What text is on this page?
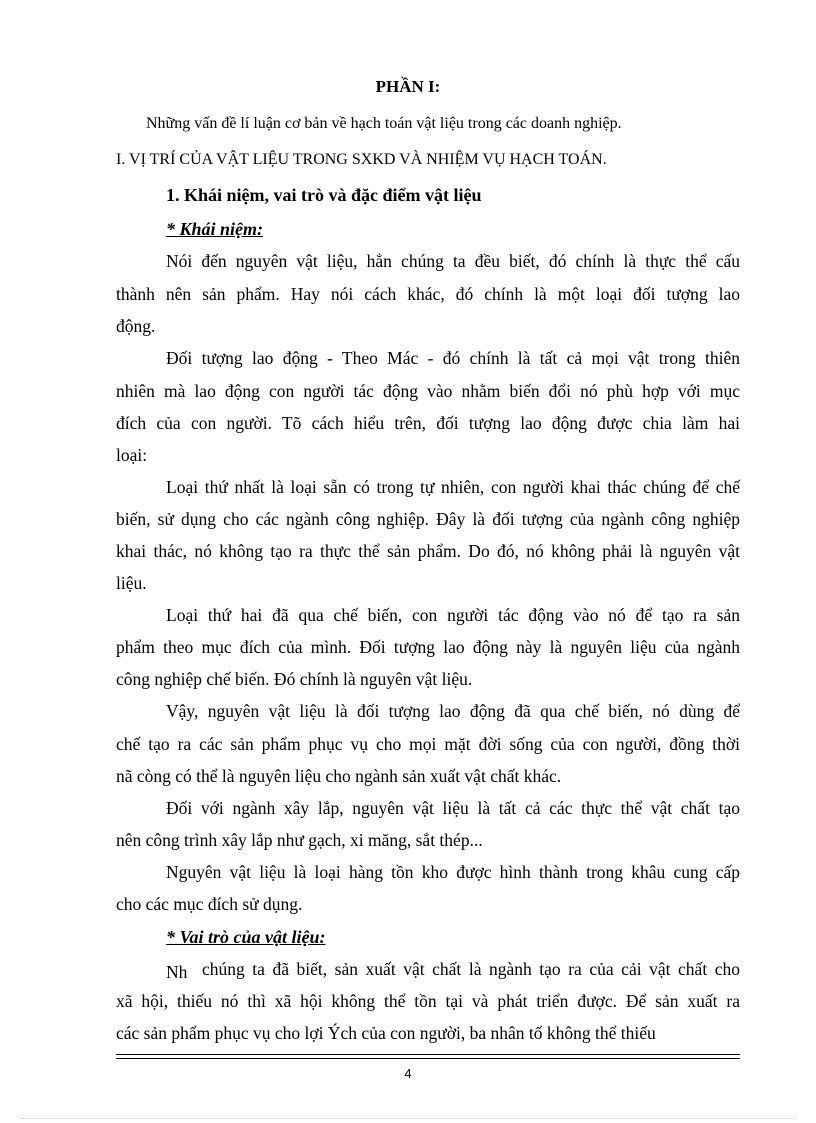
PHẦN I:
Những vấn đề lí luận cơ bản về hạch toán vật liệu trong các doanh nghiệp.
I. VỊ TRÍ CỦA VẬT LIỆU TRONG SXKD VÀ NHIỆM VỤ HẠCH TOÁN.
1. Khái niệm, vai trò và đặc điểm vật liệu
* Khái niệm:
Nói đến nguyên vật liệu, hẳn chúng ta đều biết, đó chính là thực thể cấu
thành nên sản phẩm. Hay nói cách khác, đó chính là một loại đối tượng lao
động.
Đối tượng lao động - Theo Mác - đó chính là tất cả mọi vật trong thiên
nhiên mà lao động con người tác động vào nhằm biến đổi nó phù hợp với mục
đích của con người. Tõ cách hiểu trên, đối tượng lao động được chia làm hai
loại:
Loại thứ nhất là loại sẵn có trong tự nhiên, con người khai thác chúng để chế
biến, sử dụng cho các ngành công nghiệp. Đây là đối tượng của ngành công nghiệp
khai thác, nó không tạo ra thực thể sản phẩm. Do đó, nó không phải là nguyên vật
liệu.
Loại thứ hai đã qua chế biến, con người tác động vào nó để tạo ra sản
phẩm theo mục đích của mình. Đối tượng lao động này là nguyên liệu của ngành
công nghiệp chế biến. Đó chính là nguyên vật liệu.
Vậy, nguyên vật liệu là đối tượng lao động đã qua chế biến, nó dùng để
chế tạo ra các sản phẩm phục vụ cho mọi mặt đời sống của con người, đồng thời
nã còng có thể là nguyên liệu cho ngành sản xuất vật chất khác.
Đối với ngành xây lắp, nguyên vật liệu là tất cả các thực thể vật chất tạo
nên công trình xây lắp như gạch, xi măng, sắt thép...
Nguyên vật liệu là loại hàng tồn kho được hình thành trong khâu cung cấp
cho các mục đích sử dụng.
* Vai trò của vật liệu:
Nh chúng ta đã biết, sản xuất vật chất là ngành tạo ra của cải vật chất cho
xã hội, thiếu nó thì xã hội không thể tồn tại và phát triển được. Để sản xuất ra
các sản phẩm phục vụ cho lợi Ých của con người, ba nhân tố không thể thiếu
4
